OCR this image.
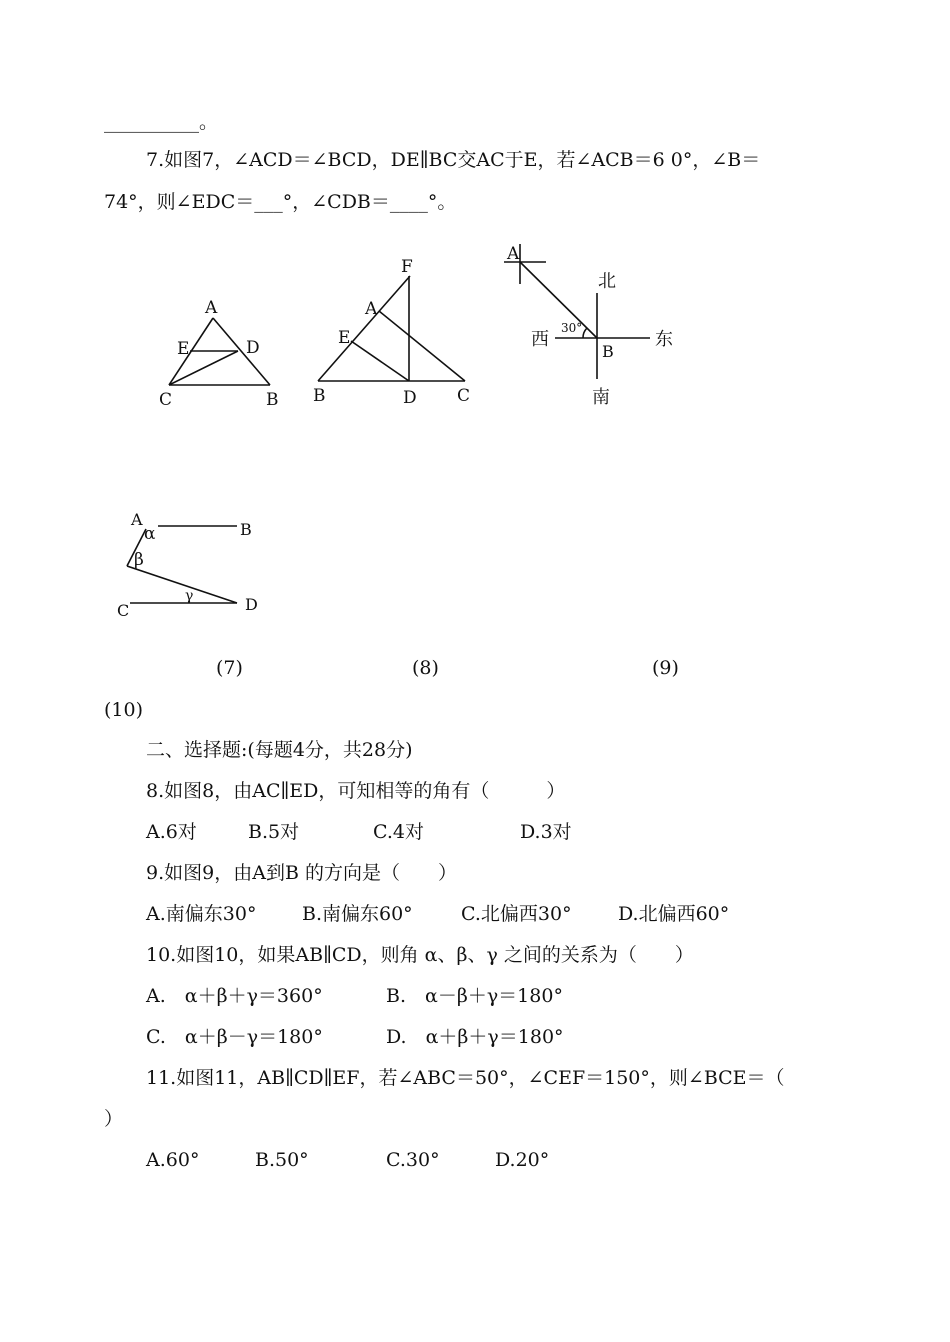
__________。
7.如图7，∠ACD＝∠BCD，DE∥BC交AC于E，若∠ACB＝6 0°，∠B＝
74°，则∠EDC＝___°，∠CDB＝____°。
A
E	D
C	B
F
A
E
B	D C
A
北
西
30°
东
B
南
A
α	B
β
γ
C	D
(7)	(8)	(9)
(10)
二、选择题:(每题4分，共28分)
8.如图8，由AC∥ED，可知相等的角有（　　　）
A.6对	B.5对	C.4对	D.3对
9.如图9，由A到B 的方向是（　　）
A.南偏东30° B.南偏东60°	C.北偏西30° D.北偏西60°
10.如图10，如果AB∥CD，则角 α、β、γ 之间的关系为（　　）
A.　α＋β＋γ＝360°	B.　α－β＋γ＝180°
C.　α＋β－γ＝180°	D.　α＋β＋γ＝180°
11.如图11，AB∥CD∥EF，若∠ABC＝50°，∠CEF＝150°，则∠BCE＝（
）
A.60°	B.50°	C.30°	D.20°
